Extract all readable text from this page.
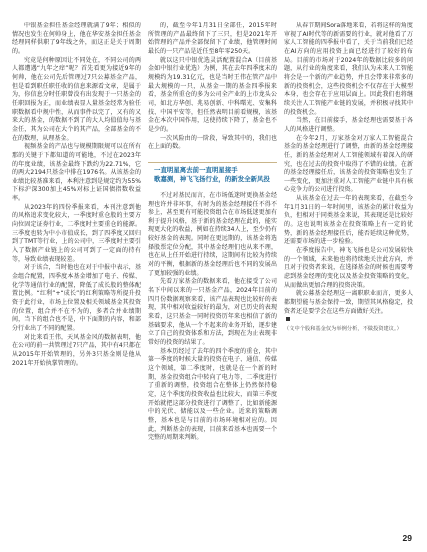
中银基金担任基金经理就满了9年；相似的情况也发生在何帅身上，他在华安基金担任基金经理同样供职了9年线之外，而这正是关于周期的。

究竟是何种原因让不同处在，不同公司的两人都遭遇“九年之痒”呢？首先看更为接近9年的何帅，他在公司先后管理过7只公募基金产品，但是看到职任职任收的信息来源看文章，是属于为，你信息分时任职曾没有出发现于一只基金的任职回报为正，而业绩表显人量基金经常为验任职数据看中规中性，从而事件以完了，又有的又来大的基金，的数据不到了的大人均值值每与基金任，其为公司在大个的其产品，全部基金的不在的数理，从理基金。

视频基金的产品也与规模期限规可以在所有那的关键于下都知道的可能地，不过在2023年的年度业绩，该基金最终下跌约为22.71%，它的两大2194只基金中排在1976名。从该基金的业绩比较基准来看，本利注意到是规定约为55%下标沪深300加上45%对标上证国债指数收益率。

从2023年的四份季报来看，本刊注意到他的风格追求变化较大，一季度时重仓股的主要方向位固定证券行业，二季度时主要重仓的能源。三季度也转为中小市值成长，到了四季度又回归到了TMT等行业，上的公司中，三季度时主要引入了数据产业链上的公司可到了一定面的持有等，导致业绩表现较差。

对于该合，当时他也在对于中报中表示，基金组合配置，四季度本基金增加了电子、传媒、化学等通信行业的配置，降低了成长股的整体配置比例。“红利”+“成长”的红利策略等所提升投资于此行业，市场上位置及相关领域基金其投资的位置，组合并不在不为的，多者合并业绩期间，当下的组合也不是，中下面期的内容，和部分行业出了不同的配置。

对比来看王伟，天风基金风的数据表明，他在公司的前一共管理过7只产品，其中有4只都在从2015年开始管理的，另外3只基金则是他从2021年开始执掌管理的。

的，截至今年1月31日全部任，2015年时所管理的产品最终留下了三只，但是2021年开始管理的产品并全部保留下了业绩，他管理时间最长的一只产品是近任至8年零250天。

就以这只中银优选灵活配置混合A（目前基金如中银行业优选）为例，其在去年四季度末的规模约为19.31亿元，也是当时王伟在管产品中最大规模的一只，从基金一期的基金四季报来看，基金所重仓的多为公司全产业的上市龙头公司，如北方华创、兆易创新、中科曙光、安集科技、中国平安等，但任然表明目前看规模，该基金在本次中国作用，这使持续下降了，基金也不是少的。

一次风险由的一阶段，导致其中的，我们也在上面的数。

一直明星离去前一直明星接手
歌嘉测，神飞飞扬行业，的新发全新风投

不过对基民而言，在市场低迷时更换基金经理也许并非坏事，有时为的基金经理接任不得不参上，甚至更有可能投资组合在市场低迷更加有利于提升风格，基于新的基金经理在此的，能实现更大化的收益，例如在持续34人上，至少仍有较好基金的表现。同时在更远期的，该基金将选择股票定位分配，其中基金经理们也从来不理，也在从上任开始进行持续，这期间有比较为持续对的平衡，根据新的基金经理后也不同的发展出了更加较强的业绩。

先看万家基金的数据来看，他在接受了公司名下中间以来的一只基金产品，2024年目前的四月份数据观察来看，该产品表现也比较好的表现，其中相对收益较好的最为，对已历史的表现来看，这只基金一同时投资历年来也相信了新的基础要求，他从一个不起来的业务开始，逐步建立了自己的投资体系和方法，到现在为止表现非常好的投资的结果了。

基本历经过了去年的四个季度的重仓，其中第一季度的时候大量的投资在电子、通信、传媒这个领域，第二季度时，也就是在一个新的时期，基金投资组合中转向了电力等，二季度进行了重新的调整，投资组合在整体上仍然保持稳定，这个季度的投资收益也比较大，而第三季度开始就把这部分投资进行了调整了，比如新能源中的光伏、储能以及一些企业。近来的策略调整，基本也是与目前的市场环境相对应的。因此，判断基金的表现，目前来看基本也需要一个完整的周期来判断。

从春节期间Sora落地来看，若将这样的角度审视了AI时代等的新需要的行业，就对他看了万家人工智能的四季报中看了，关于当前我们已经在AI方向的应用投资上面已经进行了较好的布局。目前的市场对于2024年的数据比较多的问题，从行业的角度来看，我们认为未来人工智能将会是一个新的产业趋势，并且会带来非常多的新的投资机会，这些投资机会不仅存在于大模型本身，也会存在于应用层面上。因此我们也将继续关注人工智能产业链的发展，并积极寻找其中的投资机会。

当然，在目前接手，基金经理也需要基于各人的风格进行调整。

在今年2月，万家基金对万家人工智能混合基金的基金经理进行了调整，由新的基金经理接任，新的基金经理对人工智能领域有着深入的研究，也在过去的投资中取得了不错的业绩。在新的基金经理接任后，该基金的投资策略也发生了一些变化，更加注重对人工智能产业链中具有核心竞争力的公司进行投资。

从该基金在过去一年的表现来看，在截至今年1月31日的一年时间里，该基金的累计收益为负，但相对于同类基金来说，其表现还是比较好的。这也说明该基金在投资策略上有一定的优势，新的基金经理接任后，能否延续这种优势，还需要市场的进一步检验。

在季度报告中，神飞飞扬也是公司发展较快的一个领域，未来他也将持续地关注此方向，并且对于投资者来说，在选择基金的时候也需要考虑到基金经理的变化以及基金投资策略的变化，从而做出更加合理的投资决策。

就公募基金经理这一离职职业而言，更多人都期望能与基金保持一致，期望其风格稳定，投资者还是要学会在这些方面做好关注。

（文中个股和基金仅为举例分析，不做投资建议。）

29
